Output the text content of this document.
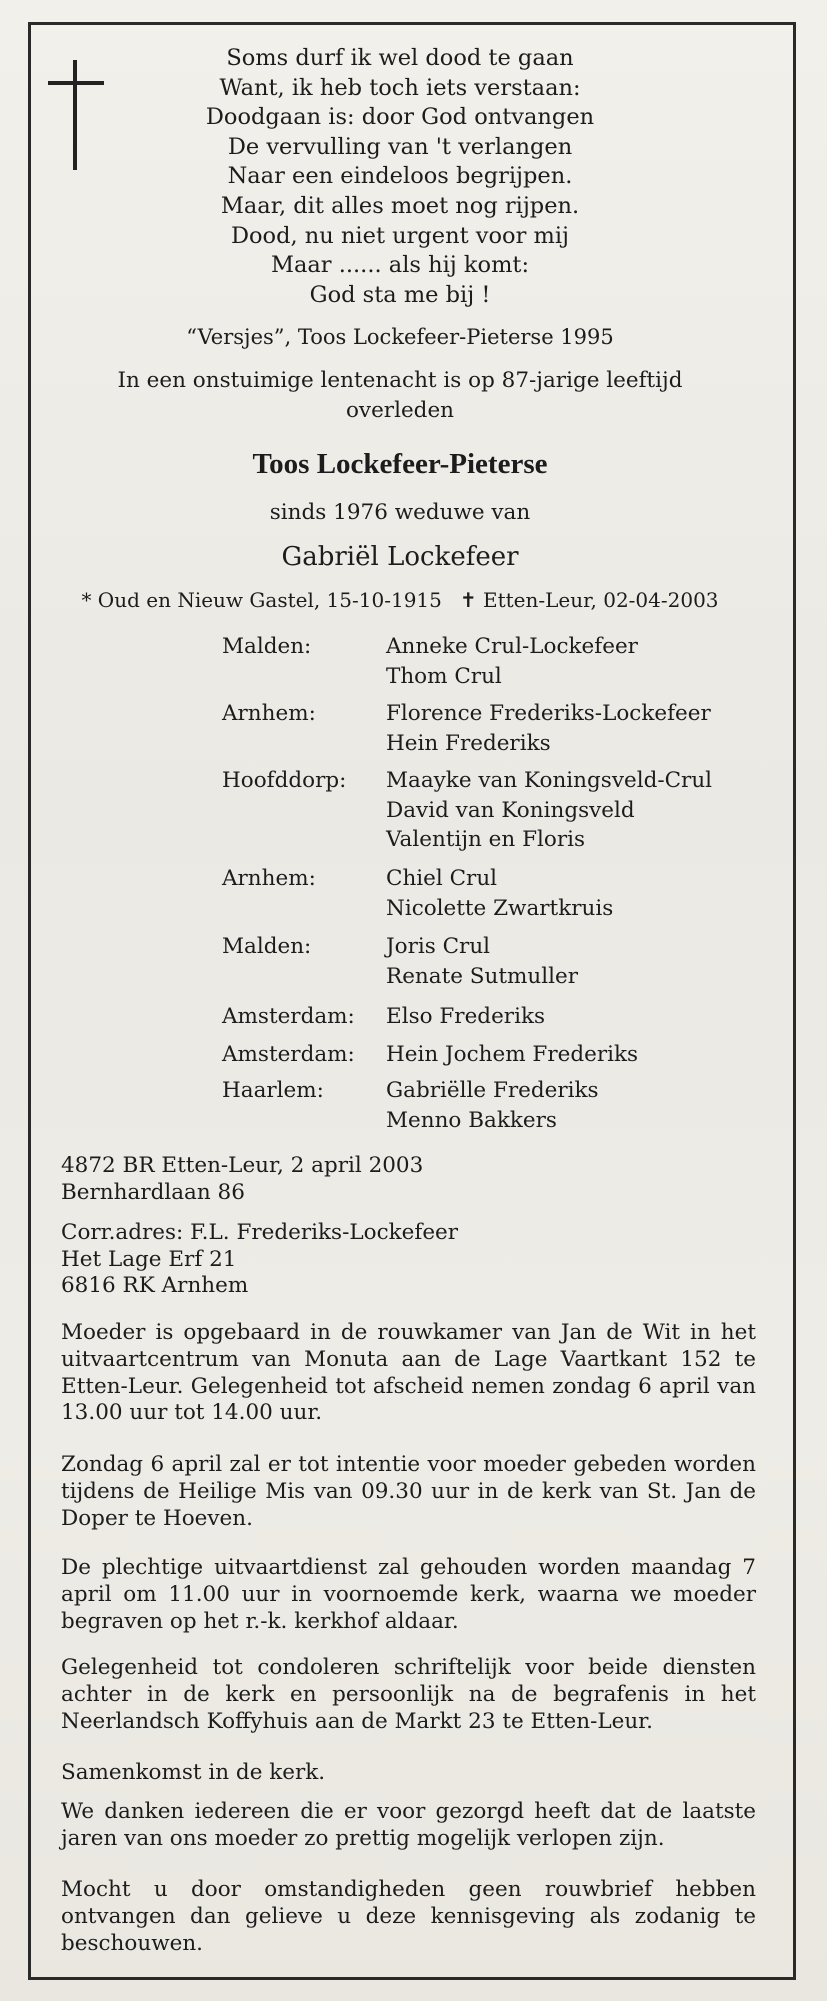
Soms durf ik wel dood te gaan
Want, ik heb toch iets verstaan:
Doodgaan is: door God ontvangen
De vervulling van 't verlangen
Naar een eindeloos begrijpen.
Maar, dit alles moet nog rijpen.
Dood, nu niet urgent voor mij
Maar ...... als hij komt:
God sta me bij !
“Versjes”, Toos Lockefeer-Pieterse 1995
In een onstuimige lentenacht is op 87-jarige leeftijd
overleden
Toos Lockefeer-Pieterse
sinds 1976 weduwe van
Gabriël Lockefeer
* Oud en Nieuw Gastel, 15-10-1915 ✝ Etten-Leur, 02-04-2003
Malden:	Anneke Crul-Lockefeer
Thom Crul
Arnhem:	Florence Frederiks-Lockefeer
Hein Frederiks
Hoofddorp:	Maayke van Koningsveld-Crul
David van Koningsveld
Valentijn en Floris
Arnhem:	Chiel Crul
Nicolette Zwartkruis
Malden:	Joris Crul
Renate Sutmuller
Amsterdam:	Elso Frederiks
Amsterdam:	Hein Jochem Frederiks
Haarlem:	Gabriëlle Frederiks
Menno Bakkers
4872 BR Etten-Leur, 2 april 2003
Bernhardlaan 86
Corr.adres: F.L. Frederiks-Lockefeer
Het Lage Erf 21
6816 RK Arnhem

Moeder is opgebaard in de rouwkamer van Jan de Wit in het uitvaartcentrum van Monuta aan de Lage Vaartkant 152 te Etten-Leur. Gelegenheid tot afscheid nemen zondag 6 april van 13.00 uur tot 14.00 uur.

Zondag 6 april zal er tot intentie voor moeder gebeden worden tijdens de Heilige Mis van 09.30 uur in de kerk van St. Jan de Doper te Hoeven.

De plechtige uitvaartdienst zal gehouden worden maandag 7 april om 11.00 uur in voornoemde kerk, waarna we moeder begraven op het r.-k. kerkhof aldaar.

Gelegenheid tot condoleren schriftelijk voor beide diensten achter in de kerk en persoonlijk na de begrafenis in het Neerlandsch Koffyhuis aan de Markt 23 te Etten-Leur.

Samenkomst in de kerk.

We danken iedereen die er voor gezorgd heeft dat de laatste jaren van ons moeder zo prettig mogelijk verlopen zijn.

Mocht u door omstandigheden geen rouwbrief hebben ontvangen dan gelieve u deze kennisgeving als zodanig te beschouwen.
